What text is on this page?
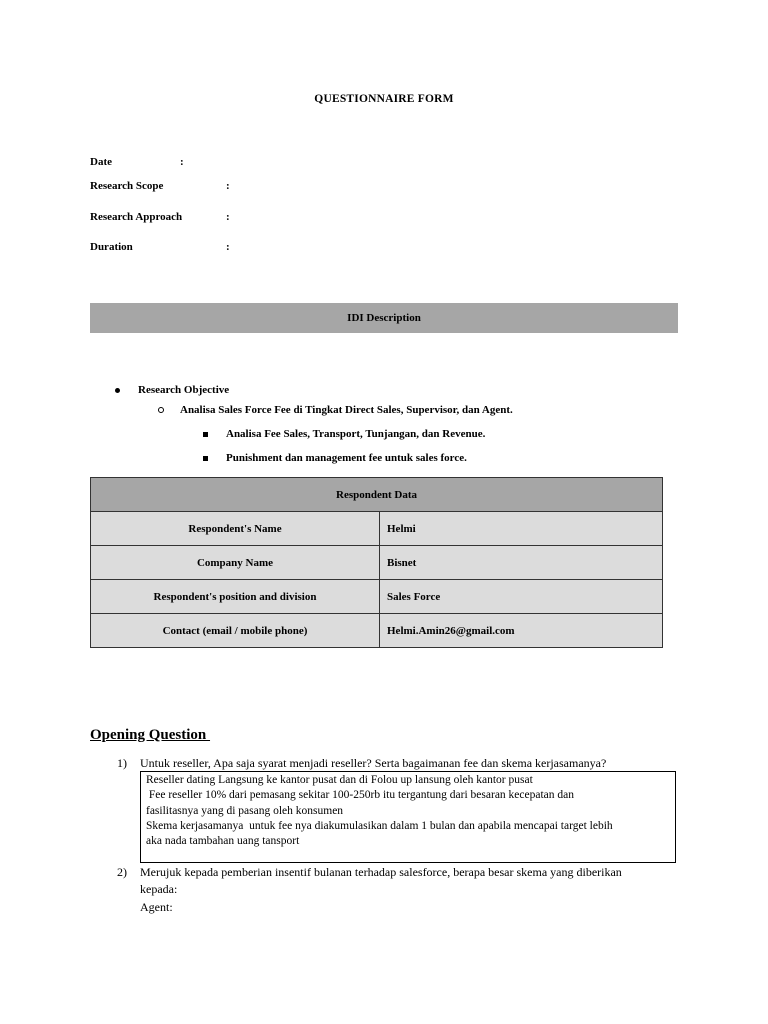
QUESTIONNAIRE FORM
Date	:
Research Scope	:
Research Approach	:
Duration	:
IDI Description
Research Objective
Analisa Sales Force Fee di Tingkat Direct Sales, Supervisor, dan Agent.
Analisa Fee Sales, Transport, Tunjangan, dan Revenue.
Punishment dan management fee untuk sales force.
Respondent Data	
Respondent's Name	Helmi
Company Name	Bisnet
Respondent's position and division	Sales Force
Contact (email / mobile phone)	Helmi.Amin26@gmail.com
Opening Question
1) Untuk reseller, Apa saja syarat menjadi reseller? Serta bagaimanan fee dan skema kerjasamanya?
Reseller dating Langsung ke kantor pusat dan di Folou up lansung oleh kantor pusat
Fee reseller 10% dari pemasang sekitar 100-250rb itu tergantung dari besaran kecepatan dan
fasilitasnya yang di pasang oleh konsumen
Skema kerjasamanya  untuk fee nya diakumulasikan dalam 1 bulan dan apabila mencapai target lebih
aka nada tambahan uang tansport
2) Merujuk kepada pemberian insentif bulanan terhadap salesforce, berapa besar skema yang diberikan
kepada:
Agent:
